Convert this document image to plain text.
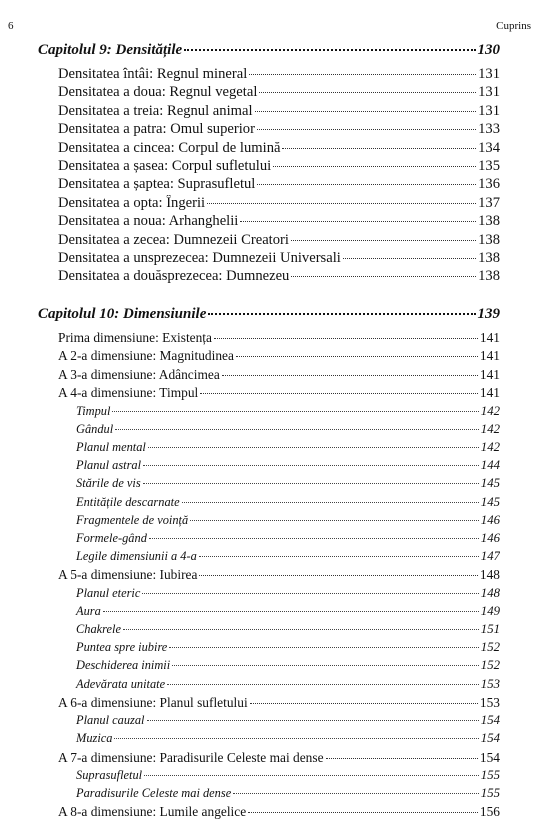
6	Cuprins
Capitolul 9: Densitățile	130
Densitatea întâi: Regnul mineral	131
Densitatea a doua: Regnul vegetal	131
Densitatea a treia: Regnul animal	131
Densitatea a patra: Omul superior	133
Densitatea a cincea: Corpul de lumină	134
Densitatea a șasea: Corpul sufletului	135
Densitatea a șaptea: Suprasufletul	136
Densitatea a opta: Îngerii	137
Densitatea a noua: Arhanghelii	138
Densitatea a zecea: Dumnezeii Creatori	138
Densitatea a unsprezecea: Dumnezeii Universali	138
Densitatea a douăsprezecea: Dumnezeu	138
Capitolul 10: Dimensiunile	139
Prima dimensiune: Existența	141
A 2-a dimensiune: Magnitudinea	141
A 3-a dimensiune: Adâncimea	141
A 4-a dimensiune: Timpul	141
Timpul	142
Gândul	142
Planul mental	142
Planul astral	144
Stările de vis	145
Entitățile descarnate	145
Fragmentele de voință	146
Formele-gând	146
Legile dimensiunii a 4-a	147
A 5-a dimensiune: Iubirea	148
Planul eteric	148
Aura	149
Chakrele	151
Puntea spre iubire	152
Deschiderea inimii	152
Adevărata unitate	153
A 6-a dimensiune: Planul sufletului	153
Planul cauzal	154
Muzica	154
A 7-a dimensiune: Paradisurile Celeste mai dense	154
Suprasufletul	155
Paradisurile Celeste mai dense	155
A 8-a dimensiune: Lumile angelice	156
